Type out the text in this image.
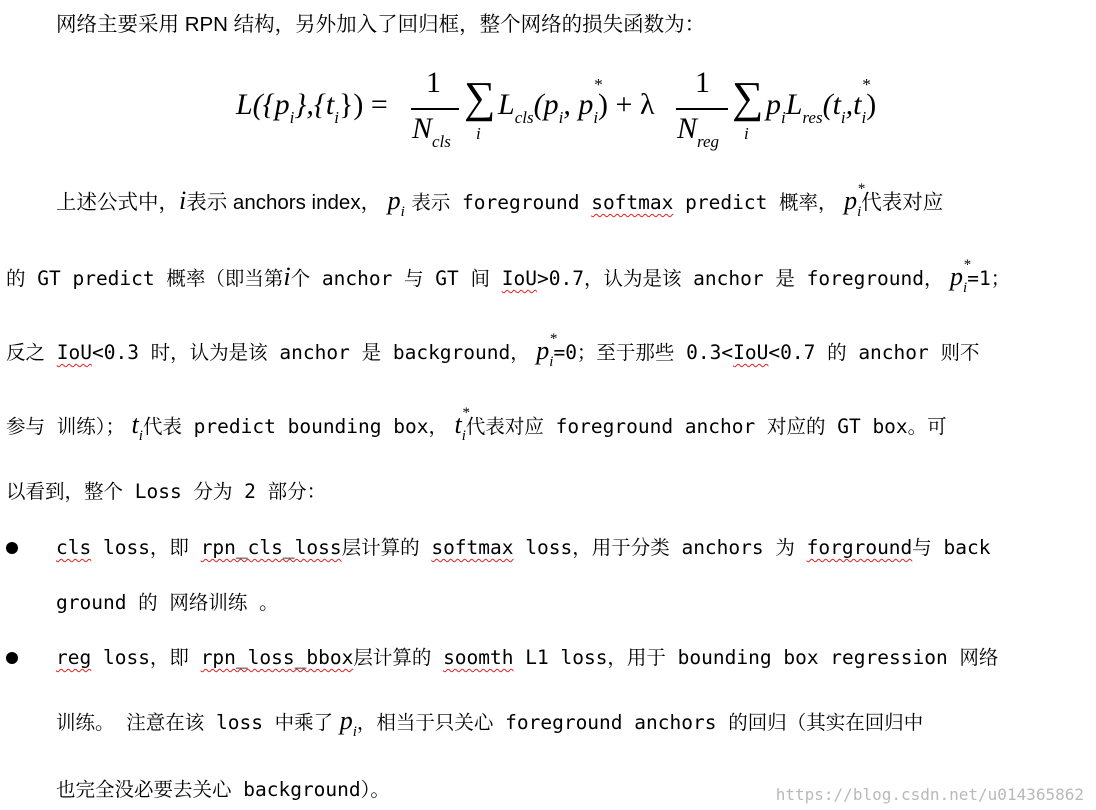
网络主要采用 RPN 结构，另外加入了回归框，整个网络的损失函数为：
$L(\{p_i\},\{t_i\})$ =
1
$N_{cls}$
∑
i
$L_{cls}(p_i$, p
*
$_i$) + λ
1
$N_{reg}$
∑
i
$p_iL_{res}(t_i,t$
*
$_i$)
上述公式中，i表示 anchors index， $p_i$ 表示 foreground softmax predict 概率， p *
$_i$代表对应
的 GT predict 概率（即当第i个 anchor 与 GT 间 IoU>0.7，认为是该 anchor 是 foreground， p *
$_i$=1；
反之 IoU<0.3 时，认为是该 anchor 是 background， p *
$_i$=0；至于那些 0.3<IoU<0.7 的 anchor 则不
参与 训练）； $t_i$代表 predict bounding box， t *
$_i$代表对应 foreground anchor 对应的 GT box。可
以看到，整个 Loss 分为 2 部分：
cls loss，即 rpn_cls_loss层计算的 softmax loss，用于分类 anchors 为 forground与 back
ground 的 网络训练 。
reg loss，即 rpn_loss_bbox层计算的 soomth L1 loss，用于 bounding box regression 网络
训练。 注意在该 loss 中乘了 $p_i$，相当于只关心 foreground anchors 的回归（其实在回归中
也完全没必要去关心 background）。	https://blog.csdn.net/u014365862
